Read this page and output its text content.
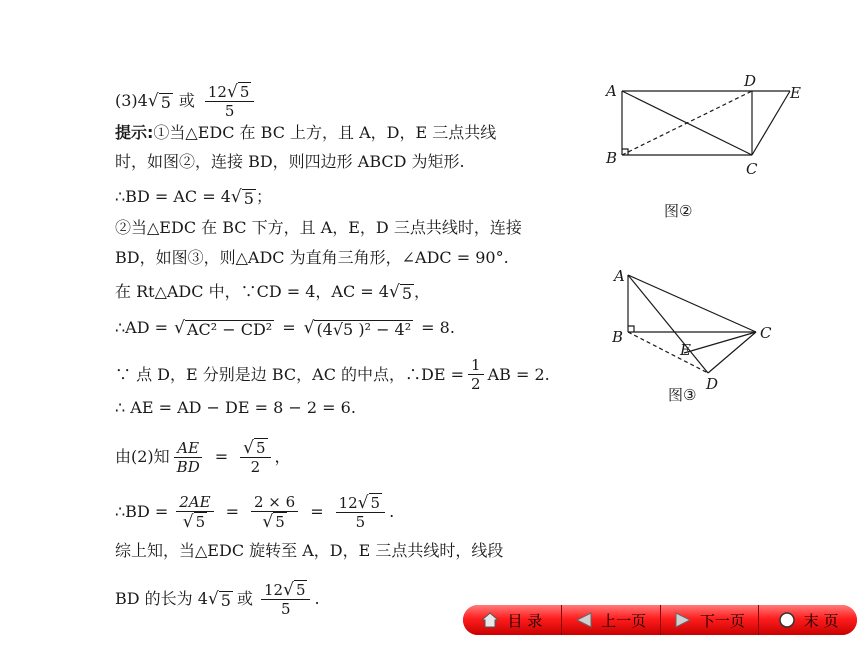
(3)4 √ 5 或 $\frac{12 √ 5}{5}$
提示: ①当△EDC 在 BC 上方，且 A，D，E 三点共线
时，如图②，连接 BD，则四边形 ABCD 为矩形.
∴BD = AC = 4 √ 5 ；
②当△EDC 在 BC 下方，且 A，E，D 三点共线时，连接
BD，如图③，则△ADC 为直角三角形，∠ADC = 90°.
在 Rt△ADC 中，∵CD = 4，AC = 4 √ 5 ，
∴AD = √ AC² − CD² = √ (4√5 )² − 4² = 8.
∵ 点 D，E 分别是边 BC，AC 的中点，∴DE = $\frac{1}{2}$ AB = 2.
∴ AE = AD − DE = 8 − 2 = 6.
由(2)知 $\frac{AE}{BD} = \frac{√ 5}{2}$ ，
∴BD = $\frac{2AE}{√ 5} = \frac{2 \times 6}{√ 5} = \frac{12 √ 5}{5}$ .
综上知，当△EDC 旋转至 A，D，E 三点共线时，线段
BD 的长为 4 √ 5 或 $\frac{12 √ 5}{5}$ .
A
D
E
B
C
图②
A
B	C
E
D
图③
目 录	上一页	下一页	末 页
